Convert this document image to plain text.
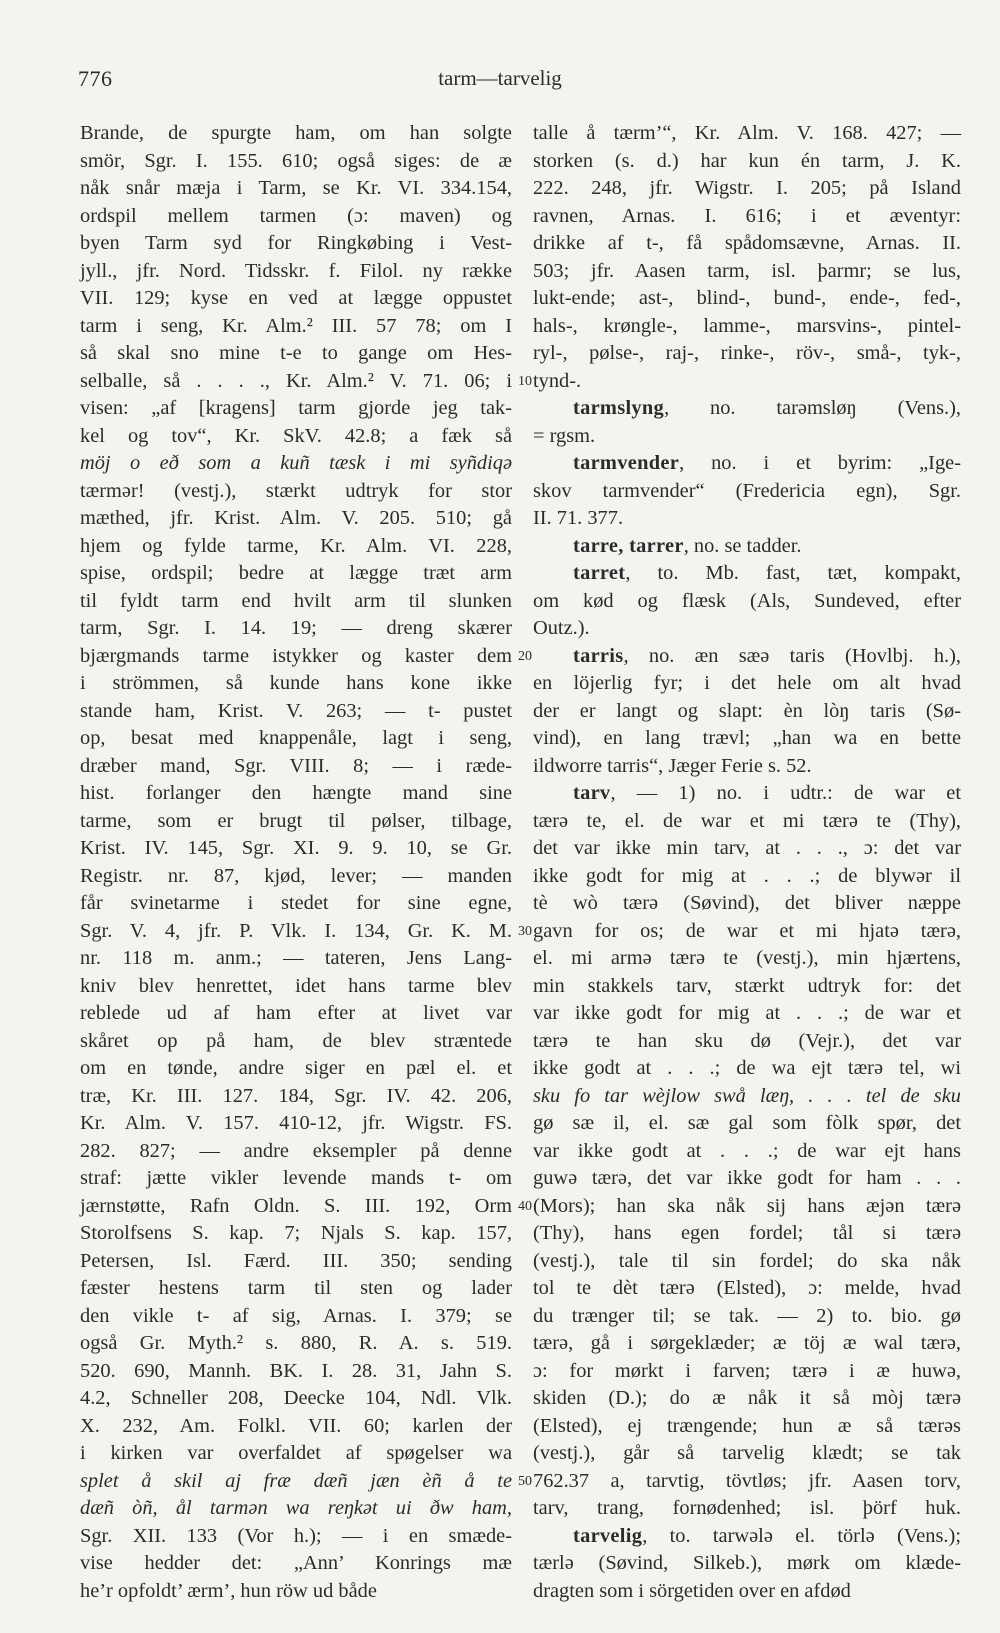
776	tarm—tarvelig
Brande, de spurgte ham, om han solgte
smör, Sgr. I. 155. 610; også siges: de æ
nåk snår mæja i Tarm, se Kr. VI. 334.154,
ordspil mellem tarmen (ɔ: maven) og
byen Tarm syd for Ringkøbing i Vest-
jyll., jfr. Nord. Tidsskr. f. Filol. ny række
VII. 129; kyse en ved at lægge oppustet
tarm i seng, Kr. Alm.² III. 57 78; om I
så skal sno mine t-e to gange om Hes-
selballe, så . . . ., Kr. Alm.² V. 71. 06; i
visen: „af [kragens] tarm gjorde jeg tak-
kel og tov“, Kr. SkV. 42.8; a fæk så
möj o eð som a kuñ tæsk i mi syñdiqə
tærmər! (vestj.), stærkt udtryk for stor
mæthed, jfr. Krist. Alm. V. 205. 510; gå
hjem og fylde tarme, Kr. Alm. VI. 228,
spise, ordspil; bedre at lægge træt arm
til fyldt tarm end hvilt arm til slunken
tarm, Sgr. I. 14. 19; — dreng skærer
bjærgmands tarme istykker og kaster dem
i strömmen, så kunde hans kone ikke
stande ham, Krist. V. 263; — t- pustet
op, besat med knappenåle, lagt i seng,
dræber mand, Sgr. VIII. 8; — i ræde-
hist. forlanger den hængte mand sine
tarme, som er brugt til pølser, tilbage,
Krist. IV. 145, Sgr. XI. 9. 9. 10, se Gr.
Registr. nr. 87, kjød, lever; — manden
får svinetarme i stedet for sine egne,
Sgr. V. 4, jfr. P. Vlk. I. 134, Gr. K. M.
nr. 118 m. anm.; — tateren, Jens Lang-
kniv blev henrettet, idet hans tarme blev
reblede ud af ham efter at livet var
skåret op på ham, de blev stræntede
om en tønde, andre siger en pæl el. et
træ, Kr. III. 127. 184, Sgr. IV. 42. 206,
Kr. Alm. V. 157. 410-12, jfr. Wigstr. FS.
282. 827; — andre eksempler på denne
straf: jætte vikler levende mands t- om
jærnstøtte, Rafn Oldn. S. III. 192, Orm
Storolfsens S. kap. 7; Njals S. kap. 157,
Petersen, Isl. Færd. III. 350; sending
fæster hestens tarm til sten og lader
den vikle t- af sig, Arnas. I. 379; se
også Gr. Myth.² s. 880, R. A. s. 519.
520. 690, Mannh. BK. I. 28. 31, Jahn S.
4.2, Schneller 208, Deecke 104, Ndl. Vlk.
X. 232, Am. Folkl. VII. 60; karlen der
i kirken var overfaldet af spøgelser wa
splet å skil aj fræ dæñ jæn èñ å te
dæñ òñ, ål tarmən wa reŋkət ui ðw ham,
Sgr. XII. 133 (Vor h.); — i en smæde-
vise hedder det: „Ann’ Konrings mæ
he’r opfoldt’ ærm’, hun röw ud både
10
20
30
40
50
talle å tærm’“, Kr. Alm. V. 168. 427; —
storken (s. d.) har kun én tarm, J. K.
222. 248, jfr. Wigstr. I. 205; på Island
ravnen, Arnas. I. 616; i et æventyr:
drikke af t-, få spådomsævne, Arnas. II.
503; jfr. Aasen tarm, isl. þarmr; se lus,
lukt-ende; ast-, blind-, bund-, ende-, fed-,
hals-, krøngle-, lamme-, marsvins-, pintel-
ryl-, pølse-, raj-, rinke-, röv-, små-, tyk-,
tynd-.
tarmslyng, no. tarəmsløŋ (Vens.),
= rgsm.
tarmvender, no. i et byrim: „Ige-
skov tarmvender“ (Fredericia egn), Sgr.
II. 71. 377.
tarre, tarrer, no. se tadder.
tarret, to. Mb. fast, tæt, kompakt,
om kød og flæsk (Als, Sundeved, efter
Outz.).
tarris, no. æn sæə taris (Hovlbj. h.),
en löjerlig fyr; i det hele om alt hvad
der er langt og slapt: èn lòŋ taris (Sø-
vind), en lang trævl; „han wa en bette
ildworre tarris“, Jæger Ferie s. 52.
tarv, — 1) no. i udtr.: de war et
tærə te, el. de war et mi tærə te (Thy),
det var ikke min tarv, at . . ., ɔ: det var
ikke godt for mig at . . .; de blywər il
tè wò tærə (Søvind), det bliver næppe
gavn for os; de war et mi hjatə tærə,
el. mi armə tærə te (vestj.), min hjærtens,
min stakkels tarv, stærkt udtryk for: det
var ikke godt for mig at . . .; de war et
tærə te han sku dø (Vejr.), det var
ikke godt at . . .; de wa ejt tærə tel, wi
sku fo tar wèjlow swå læŋ, . . . tel de sku
gø sæ il, el. sæ gal som fòlk spør, det
var ikke godt at . . .; de war ejt hans
guwə tærə, det var ikke godt for ham . . .
(Mors); han ska nåk sij hans æjən tærə
(Thy), hans egen fordel; tål si tærə
(vestj.), tale til sin fordel; do ska nåk
tol te dèt tærə (Elsted), ɔ: melde, hvad
du trænger til; se tak. — 2) to. bio. gø
tærə, gå i sørgeklæder; æ töj æ wal tærə,
ɔ: for mørkt i farven; tærə i æ huwə,
skiden (D.); do æ nåk it så mòj tærə
(Elsted), ej trængende; hun æ så tærəs
(vestj.), går så tarvelig klædt; se tak
762.37 a, tarvtig, tövtløs; jfr. Aasen torv,
tarv, trang, fornødenhed; isl. þörf huk.
tarvelig, to. tarwələ el. törlə (Vens.);
tærlə (Søvind, Silkeb.), mørk om klæde-
dragten som i sörgetiden over en afdød
